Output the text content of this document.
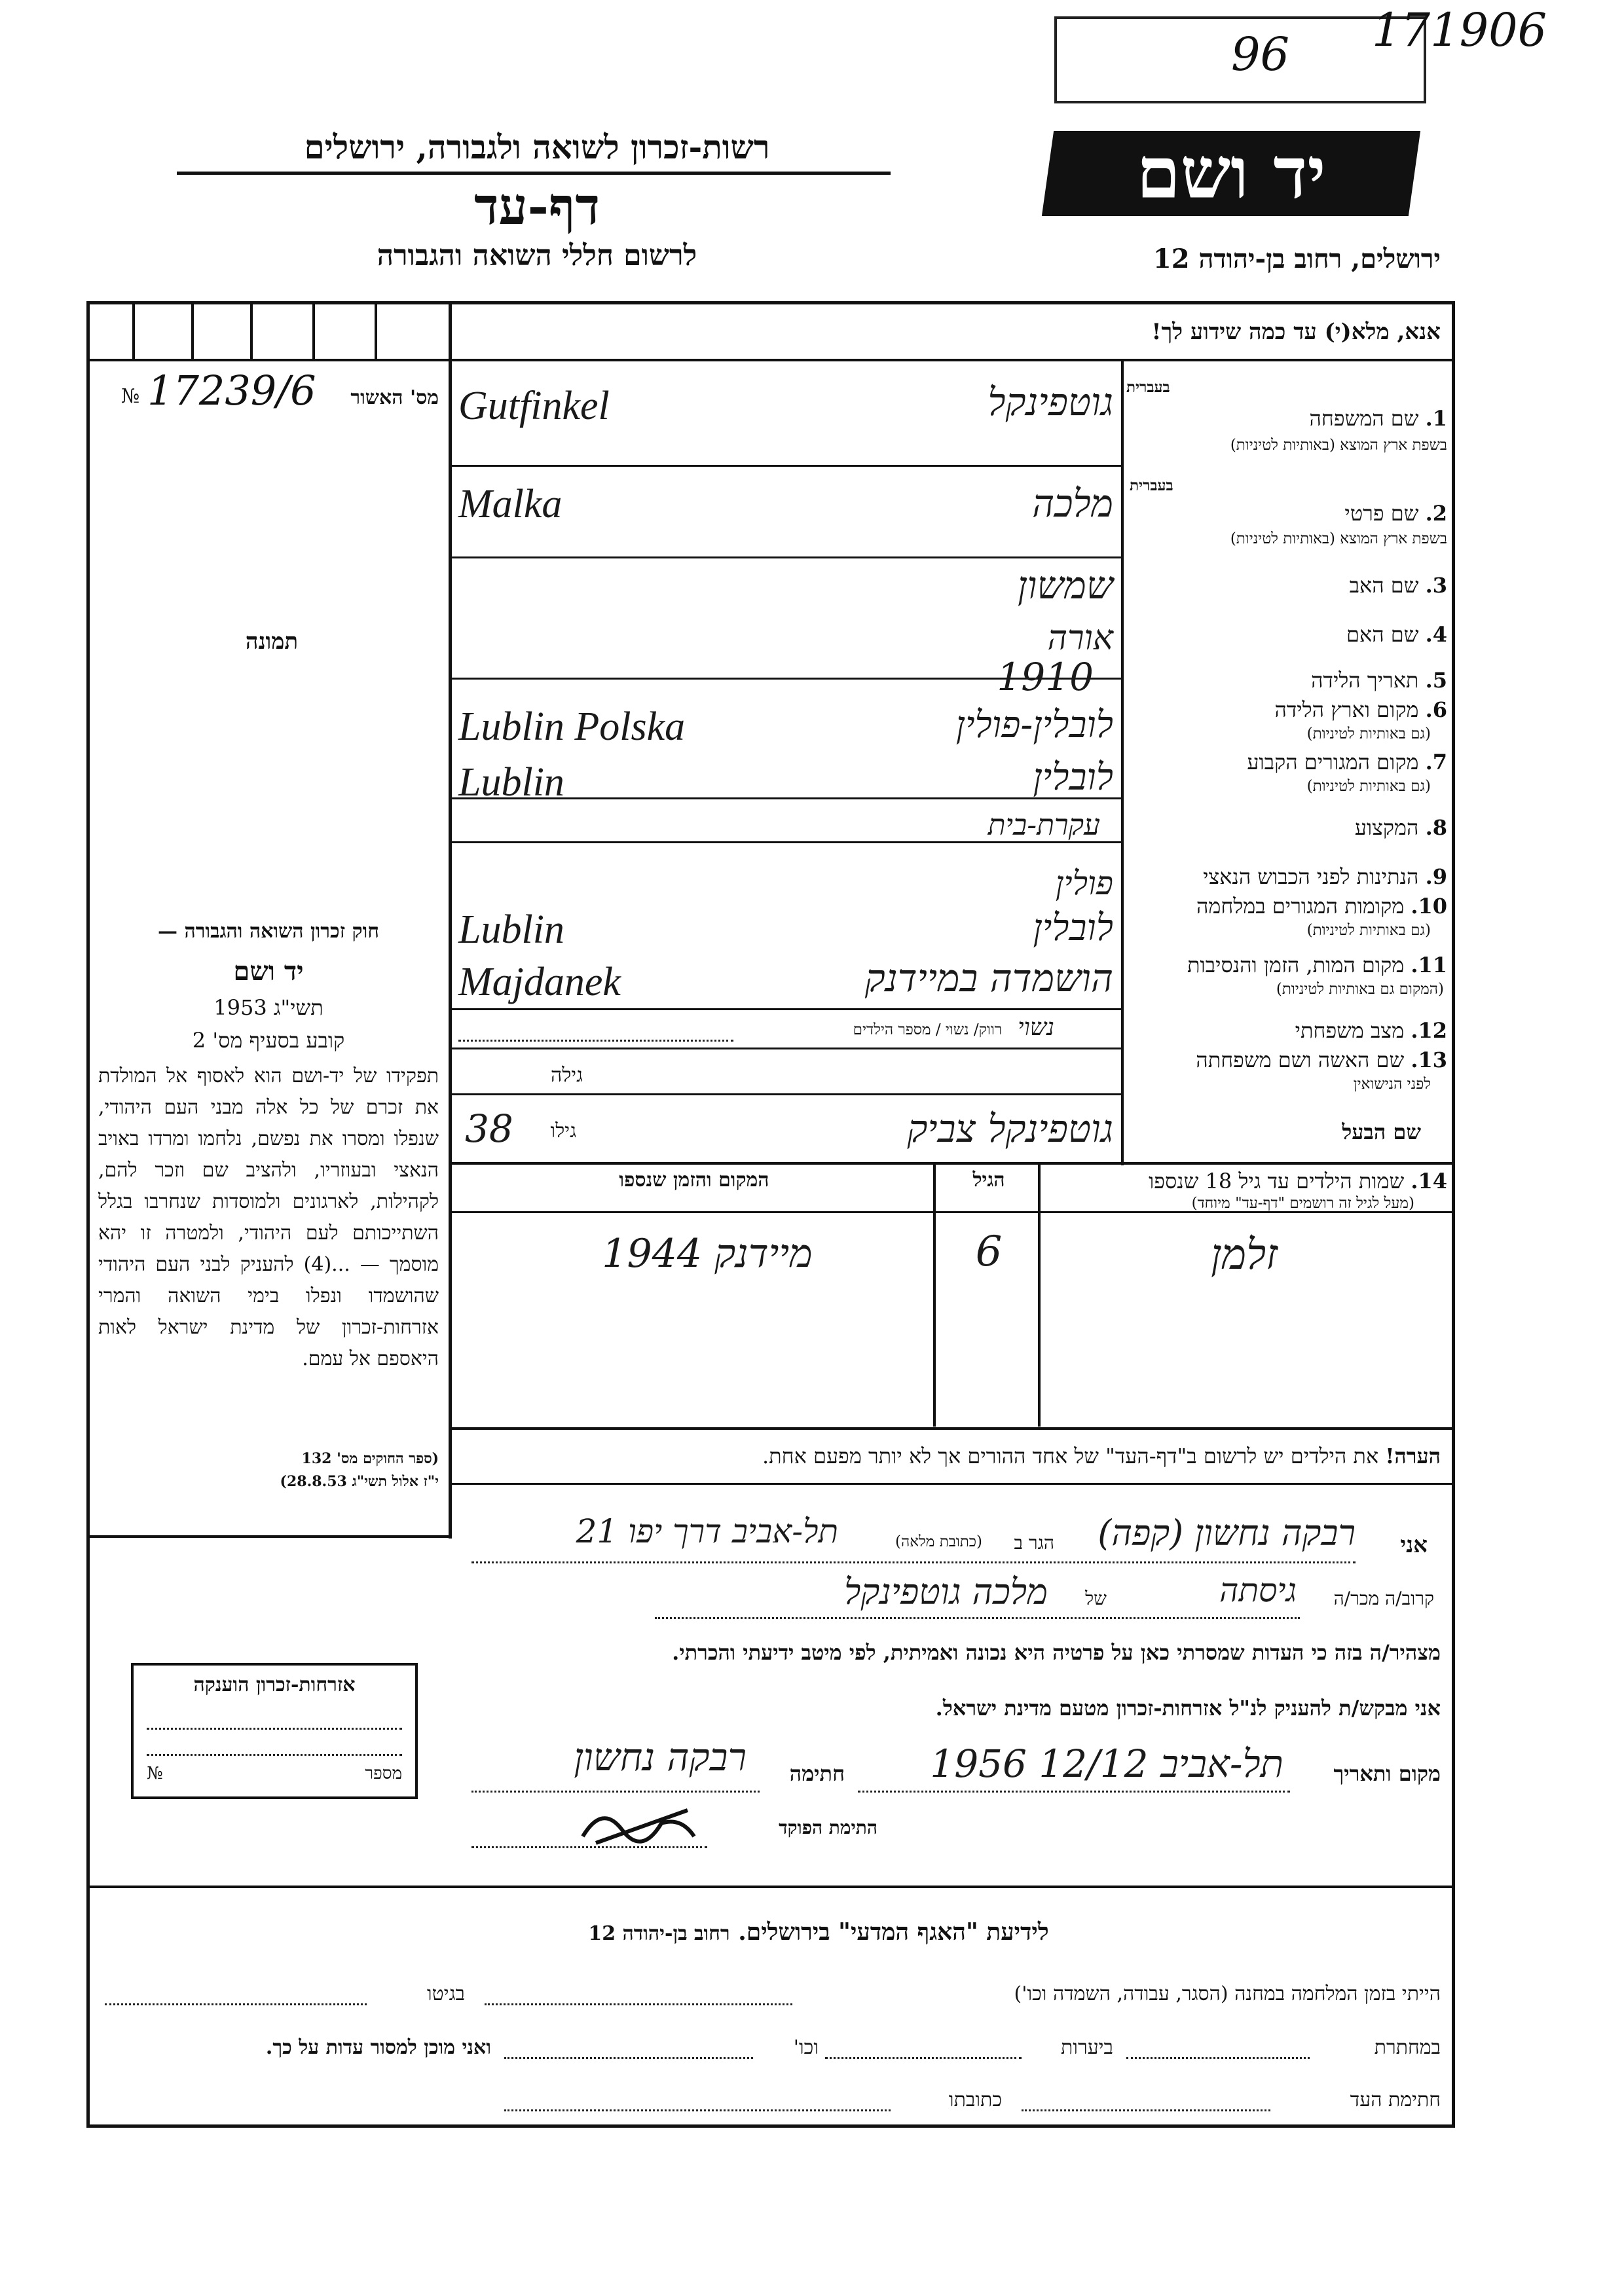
96 171906
רשות-זכרון לשואה ולגבורה, ירושלים
דף-עד
לרשום חללי השואה והגבורה
יד ושם
ירושלים, רחוב בן-יהודה 12
מס' האשור
17239/6
№
תמונה
אנא, מלא(י) עד כמה שידוע לך!
בעברית
1. שם המשפחה
בשפת ארץ המוצא (באותיות לטיניות)
בעברית
2. שם פרטי
בשפת ארץ המוצא (באותיות לטיניות)
3. שם האב
4. שם האם
5. תאריך הלידה
6. מקום וארץ הלידה
(גם באותיות לטיניות)
7. מקום המגורים הקבוע
(גם באותיות לטיניות)
8. המקצוע
9. הנתינות לפני הכבוש הנאצי
10. מקומות המגורים במלחמה
(גם באותיות לטיניות)
11. מקום המות, הזמן והנסיבות
(המקום גם באותיות לטיניות)
12. מצב משפחתי
13. שם האשה ושם משפחתה
לפני הנישואין
שם הבעל
גוטפינקל
Gutfinkel
מלכה
Malka
שמשון
אורה
1910
לובלין-פולין
Lublin Polska
לובלין
Lublin
עקרת-בית
פולין
לובלין
Lublin
הושמדה במיידנק
Majdanek
נשוי
רווק/ נשוי / מספר הילדים
גילה
גוטפינקל צביק
גילו
38
14. שמות הילדים עד גיל 18 שנספו
(מעל לגיל זה רושמים "דף-עד" מיוחד)
הגיל
המקום והזמן שנספו
זלמן
6
מיידנק 1944
הערה! את הילדים יש לרשום ב"דף-העד" של אחד ההורים אך לא יותר מפעם אחת.
חוק זכרון השואה והגבורה —
יד ושם
תשי"ג 1953
קובע בסעיף מס' 2
תפקידו של יד-ושם הוא לאסוף אל המולדת את זכרם של כל אלה מבני העם היהודי, שנפלו ומסרו את נפשם, נלחמו ומרדו באויב הנאצי ובעוזריו, ולהציב שם וזכר להם, לקהילות, לארגונים ולמוסדות שנחרבו בגלל השתייכותם לעם היהודי, ולמטרה זו יהא מוסמך — ...(4) להעניק לבני העם היהודי שהושמדו ונפלו בימי השואה והמרי אזרחות-זכרון של מדינת ישראל לאות היאספם אל עמם.
(ספר החוקים מס' 132
י"ז אלול תשי"ג 28.8.53)
אני
רבקה נחשון (קפה)
הגר ב
(כתובת מלאה)
תל-אביב דרך יפו 21
קרוב/ה מכר/ה
גיסתה
של
מלכה גוטפינקל
מצהיר/ה בזה כי העדות שמסרתי כאן על פרטיה היא נכונה ואמיתית, לפי מיטב ידיעתי והכרתי.
אני מבקש/ת להעניק לנ"ל אזרחות-זכרון מטעם מדינת ישראל.
מקום ותאריך
תל-אביב 12/12 1956
חתימה
רבקה נחשון
התימת הפוקד
אזרחות-זכרון הוענקה
מספר
№
לידיעת "האגף המדעי" בירושלים. רחוב בן-יהודה 12
הייתי בזמן המלחמה במחנה (הסגר, עבודה, השמדה וכו')
בגיטו
במחתרת
ביערות
וכו'
ואני מוכן למסור עדות על כך.
חתימת העד
כתובתו
